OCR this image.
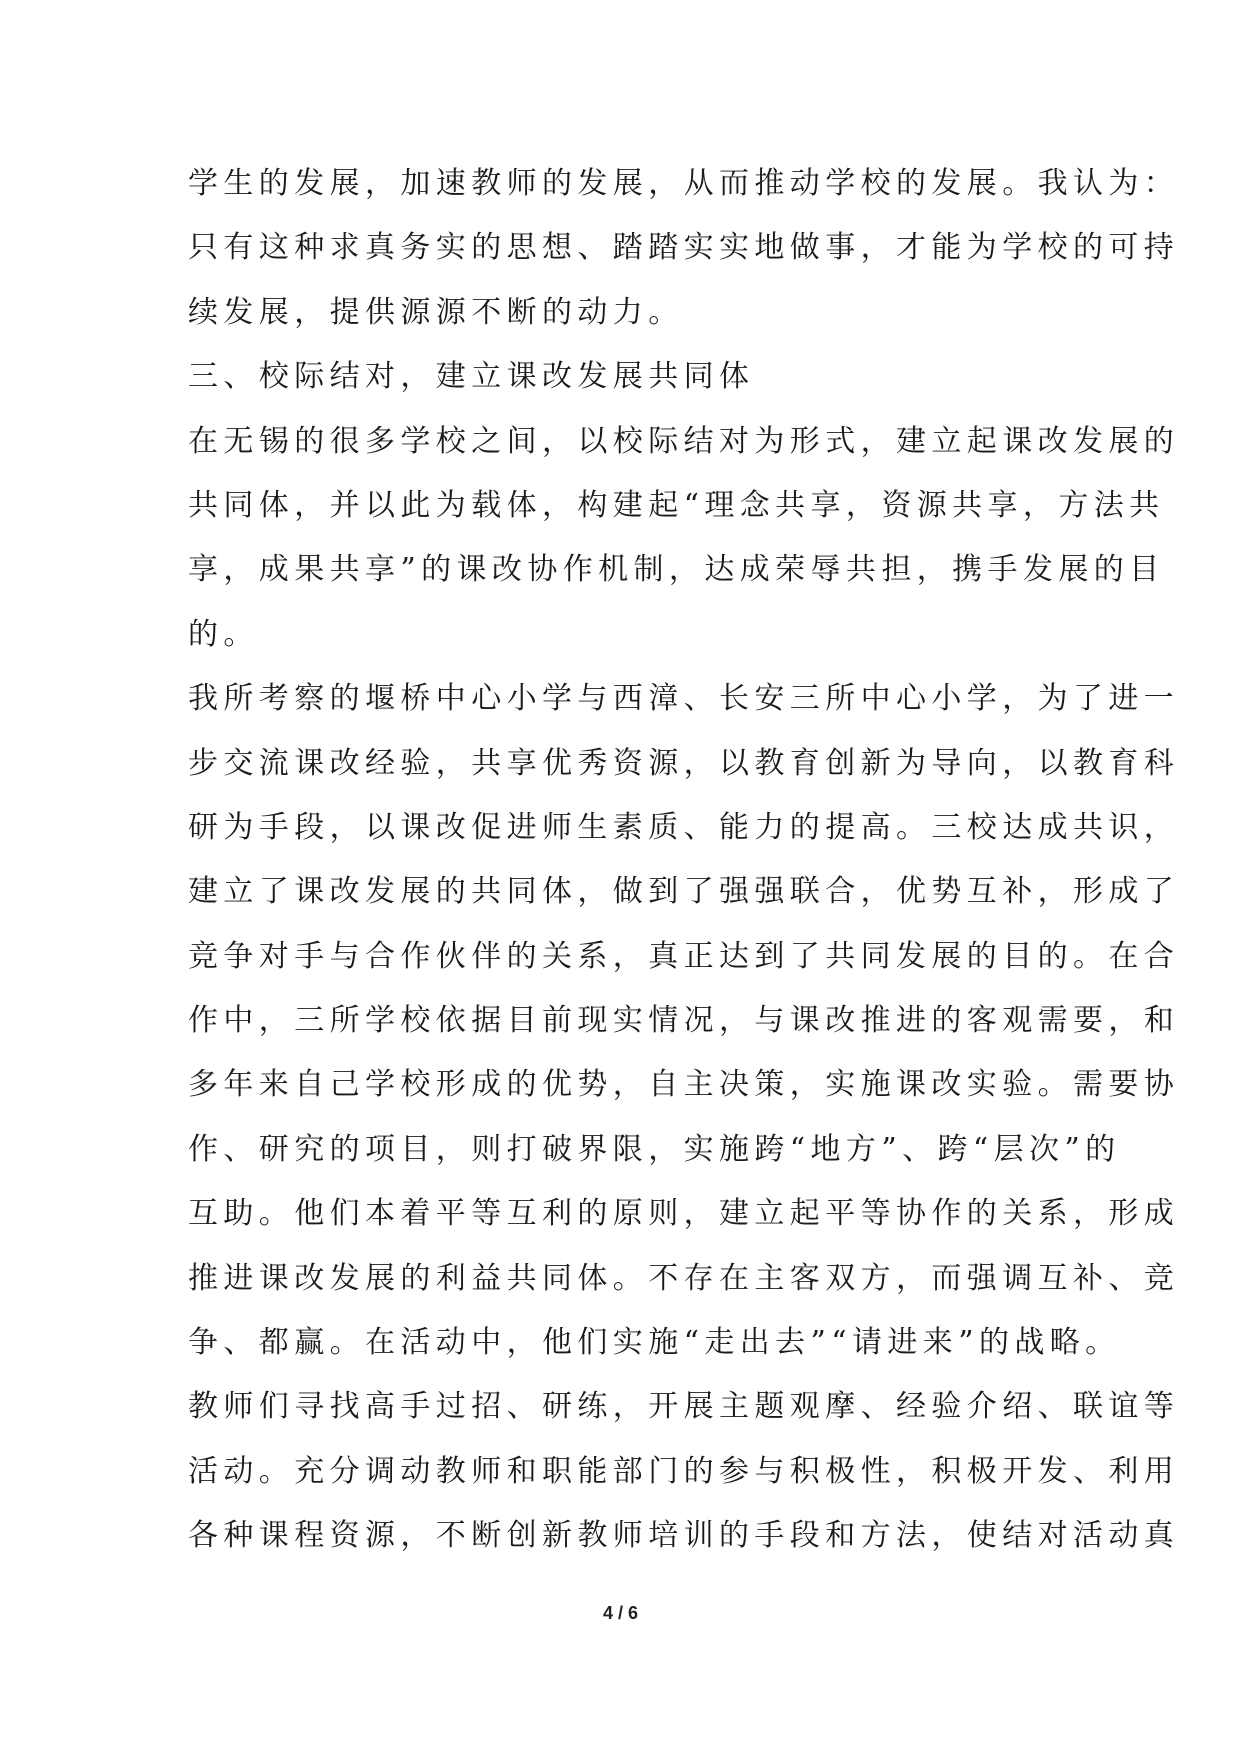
学生的发展，加速教师的发展，从而推动学校的发展。我认为：
只有这种求真务实的思想、踏踏实实地做事，才能为学校的可持
续发展，提供源源不断的动力。
三、校际结对，建立课改发展共同体
在无锡的很多学校之间，以校际结对为形式，建立起课改发展的
共同体，并以此为载体，构建起“理念共享，资源共享，方法共
享，成果共享”的课改协作机制，达成荣辱共担，携手发展的目
的。
我所考察的堰桥中心小学与西漳、长安三所中心小学，为了进一
步交流课改经验，共享优秀资源，以教育创新为导向，以教育科
研为手段，以课改促进师生素质、能力的提高。三校达成共识，
建立了课改发展的共同体，做到了强强联合，优势互补，形成了
竞争对手与合作伙伴的关系，真正达到了共同发展的目的。在合
作中，三所学校依据目前现实情况，与课改推进的客观需要，和
多年来自己学校形成的优势，自主决策，实施课改实验。需要协
作、研究的项目，则打破界限，实施跨“地方”、跨“层次”的
互助。他们本着平等互利的原则，建立起平等协作的关系，形成
推进课改发展的利益共同体。不存在主客双方，而强调互补、竞
争、都赢。在活动中，他们实施“走出去”“请进来”的战略。
教师们寻找高手过招、研练，开展主题观摩、经验介绍、联谊等
活动。充分调动教师和职能部门的参与积极性，积极开发、利用
各种课程资源，不断创新教师培训的手段和方法，使结对活动真
4 / 6
